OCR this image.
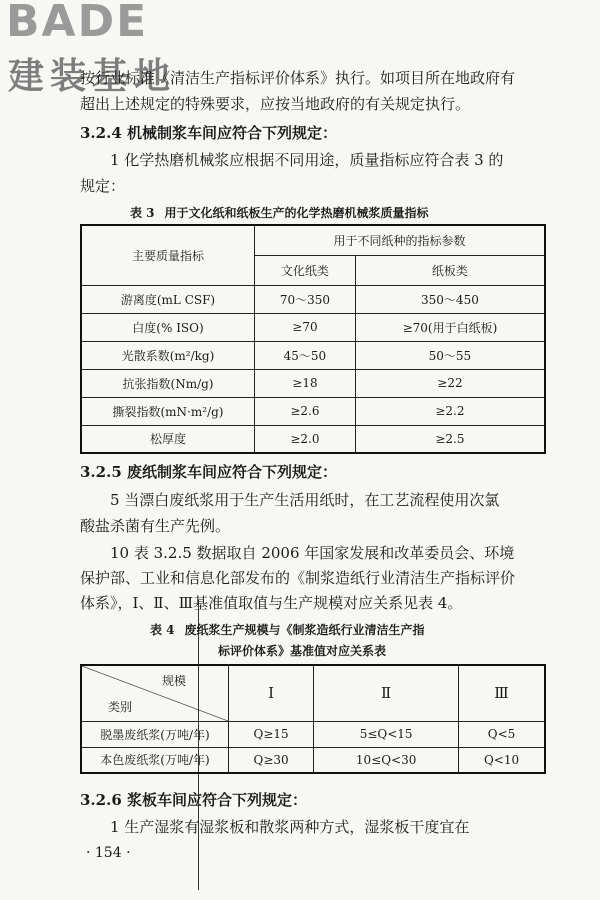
BADE

建装基地

按行业标准《清洁生产指标评价体系》执行。如项目所在地政府有

超出上述规定的特殊要求，应按当地政府的有关规定执行。

3.2.4 机械制浆车间应符合下列规定：

1 化学热磨机械浆应根据不同用途，质量指标应符合表 3 的

规定：

表 3 用于文化纸和纸板生产的化学热磨机械浆质量指标

主要质量指标	用于不同纸种的指标参数	
	文化纸类	纸板类
游离度(mL CSF)	70～350	350～450
白度(% ISO)	≥70	≥70(用于白纸板)
光散系数(m²/kg)	45～50	50～55
抗张指数(Nm/g)	≥18	≥22
撕裂指数(mN·m²/g)	≥2.6	≥2.2
松厚度	≥2.0	≥2.5

3.2.5 废纸制浆车间应符合下列规定：

5 当漂白废纸浆用于生产生活用纸时，在工艺流程使用次氯

酸盐杀菌有生产先例。

10 表 3.2.5 数据取自 2006 年国家发展和改革委员会、环境

保护部、工业和信息化部发布的《制浆造纸行业清洁生产指标评价

体系》，Ⅰ、Ⅱ、Ⅲ基准值取值与生产规模对应关系见表 4。

表 4 废纸浆生产规模与《制浆造纸行业清洁生产指

标评价体系》基准值对应关系表

规模
类别	Ⅰ	Ⅱ	Ⅲ
脱墨废纸浆(万吨/年)	Q≥15	5≤Q<15	Q<5
本色废纸浆(万吨/年)	Q≥30	10≤Q<30	Q<10

3.2.6 浆板车间应符合下列规定：

1 生产湿浆有湿浆板和散浆两种方式，湿浆板干度宜在

· 154 ·
